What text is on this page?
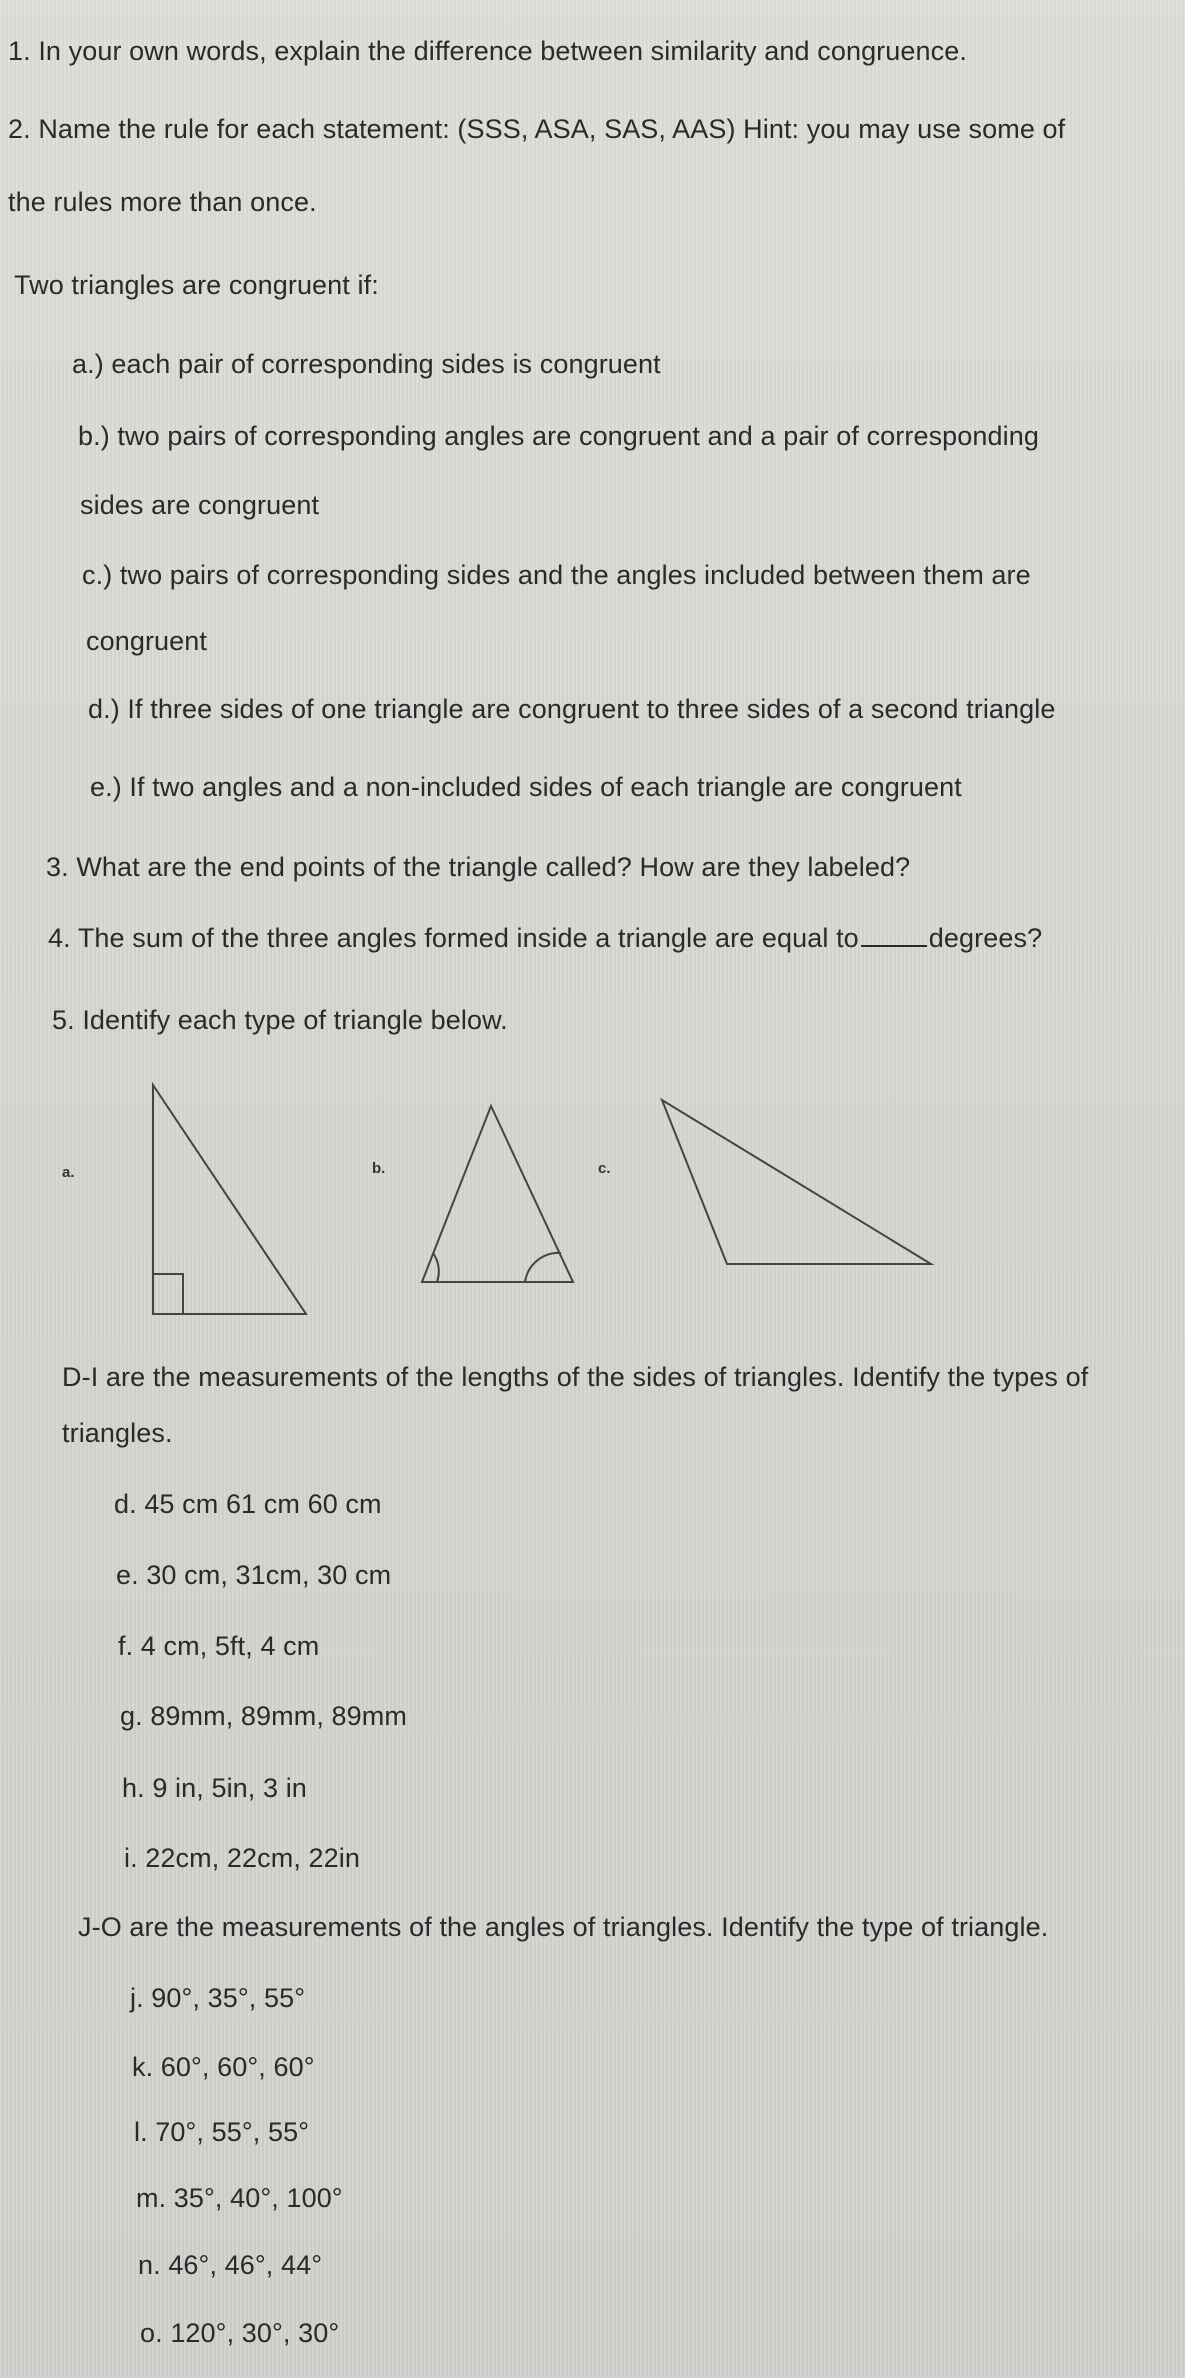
1. In your own words, explain the difference between similarity and congruence.
2. Name the rule for each statement: (SSS, ASA, SAS, AAS) Hint: you may use some of
the rules more than once.
Two triangles are congruent if:
a.) each pair of corresponding sides is congruent
b.) two pairs of corresponding angles are congruent and a pair of corresponding
sides are congruent
c.) two pairs of corresponding sides and the angles included between them are
congruent
d.) If three sides of one triangle are congruent to three sides of a second triangle
e.) If two angles and a non-included sides of each triangle are congruent
3. What are the end points of the triangle called? How are they labeled?
4. The sum of the three angles formed inside a triangle are equal to	degrees?
5. Identify each type of triangle below.
a.	b.	c.
D-I are the measurements of the lengths of the sides of triangles. Identify the types of
triangles.
d. 45 cm 61 cm 60 cm
e. 30 cm, 31cm, 30 cm
f. 4 cm, 5ft, 4 cm
g. 89mm, 89mm, 89mm
h. 9 in, 5in, 3 in
i. 22cm, 22cm, 22in
J-O are the measurements of the angles of triangles. Identify the type of triangle.
j. 90°, 35°, 55°
k. 60°, 60°, 60°
l. 70°, 55°, 55°
m. 35°, 40°, 100°
n. 46°, 46°, 44°
o. 120°, 30°, 30°
